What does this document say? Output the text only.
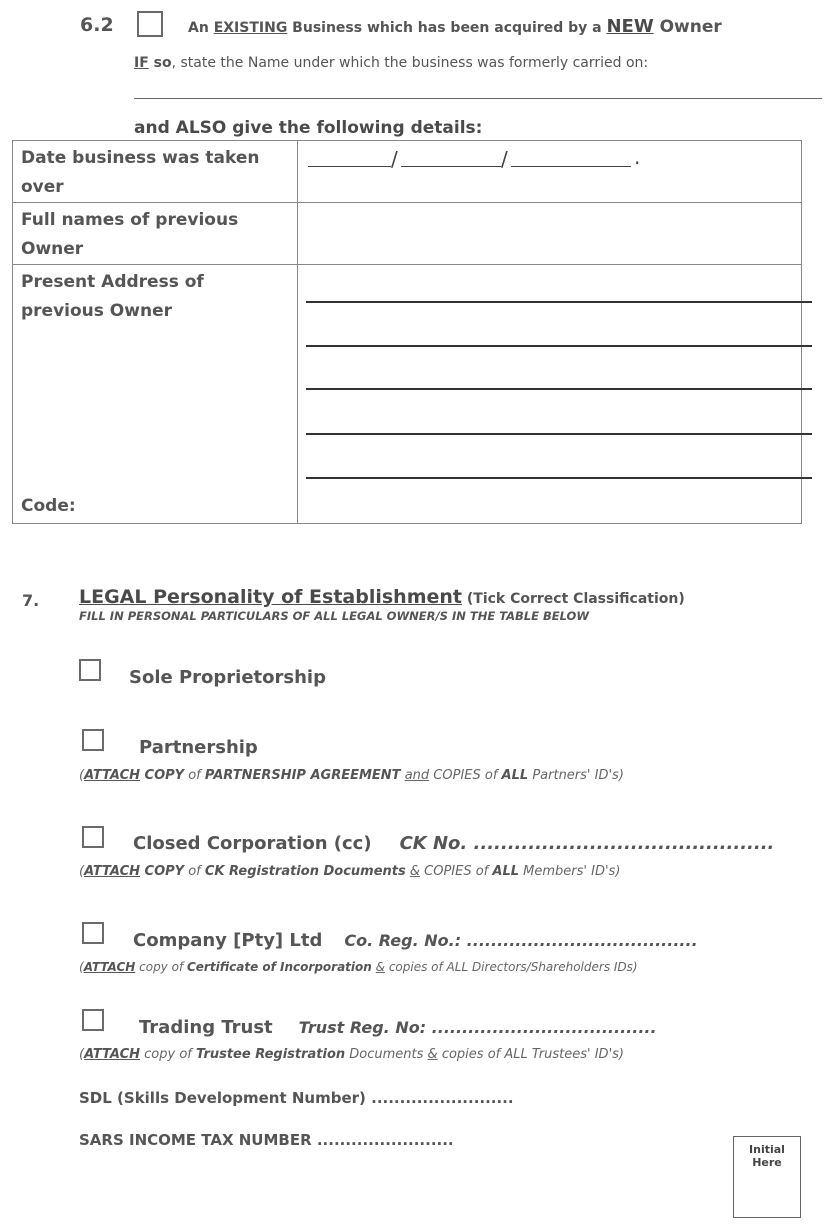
6.2	An EXISTING Business which has been acquired by a NEW Owner
IF so, state the Name under which the business was formerly carried on:
and ALSO give the following details:
Date business was taken over	/ / .

Full names of previous Owner	
Present Address of previous Owner
Code:	

7. LEGAL Personality of Establishment (Tick Correct Classification)
FILL IN PERSONAL PARTICULARS OF ALL LEGAL OWNER/S IN THE TABLE BELOW
Sole Proprietorship
Partnership
(ATTACH COPY of PARTNERSHIP AGREEMENT and COPIES of ALL Partners' ID's)
Closed Corporation (cc) CK No. ............................................
(ATTACH COPY of CK Registration Documents & COPIES of ALL Members' ID's)
Company [Pty] Ltd Co. Reg. No.: ......................................
(ATTACH copy of Certificate of Incorporation & copies of ALL Directors/Shareholders IDs)
Trading Trust Trust Reg. No: .....................................
(ATTACH copy of Trustee Registration Documents & copies of ALL Trustees' ID's)
SDL (Skills Development Number) .........................
SARS INCOME TAX NUMBER ........................
Initial
Here
